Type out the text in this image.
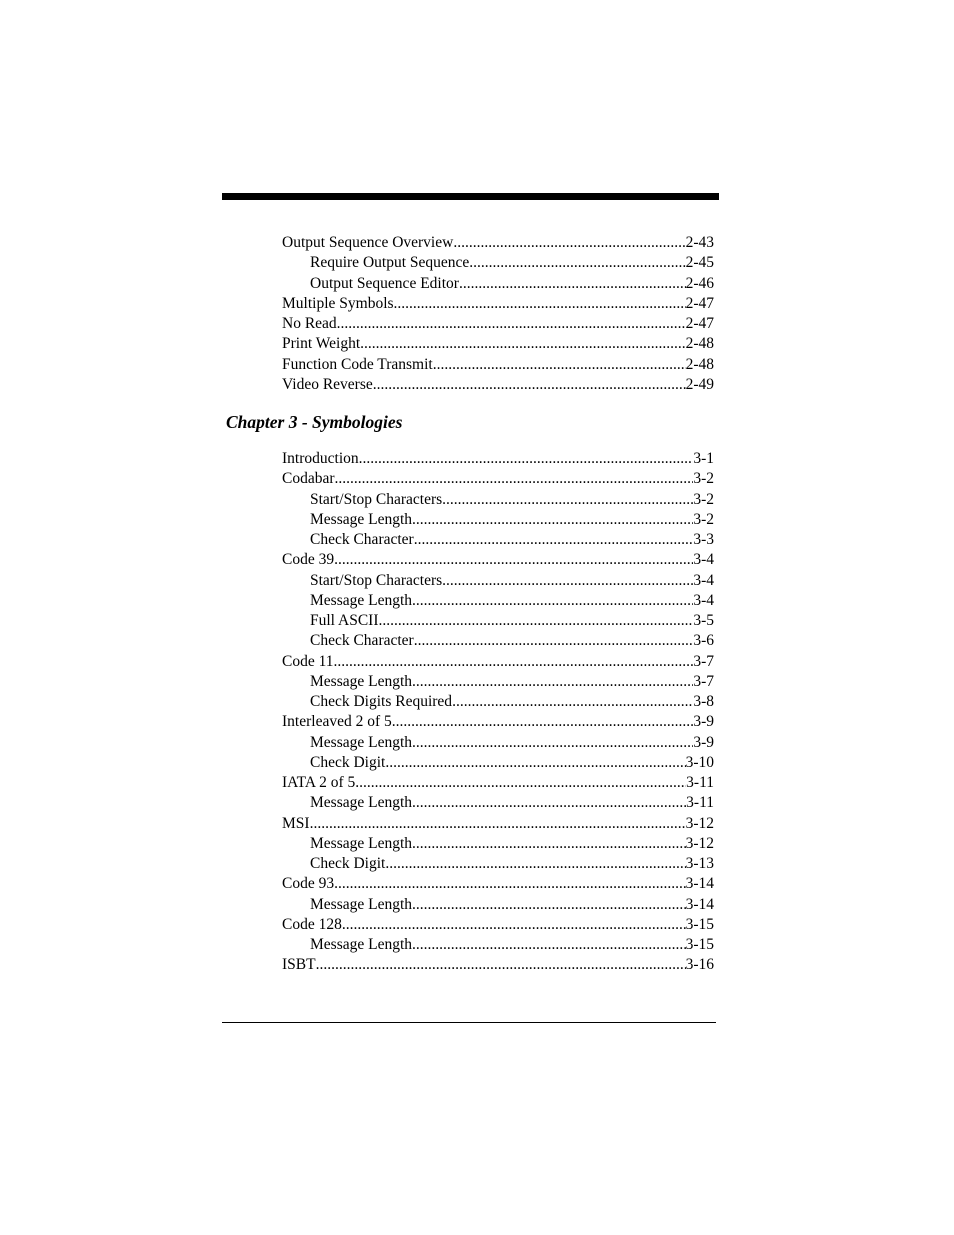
Output Sequence Overview .....	2-43
Require Output Sequence .....	2-45
Output Sequence Editor .....	2-46
Multiple Symbols .....	2-47
No Read .....	2-47
Print Weight .....	2-48
Function Code Transmit .....	2-48
Video Reverse .....	2-49
Chapter 3 - Symbologies
Introduction .....	3-1
Codabar .....	3-2
Start/Stop Characters .....	3-2
Message Length .....	3-2
Check Character .....	3-3
Code 39 .....	3-4
Start/Stop Characters .....	3-4
Message Length .....	3-4
Full ASCII .....	3-5
Check Character .....	3-6
Code 11 .....	3-7
Message Length .....	3-7
Check Digits Required .....	3-8
Interleaved 2 of 5 .....	3-9
Message Length .....	3-9
Check Digit .....	3-10
IATA 2 of 5 .....	3-11
Message Length .....	3-11
MSI .....	3-12
Message Length .....	3-12
Check Digit .....	3-13
Code 93 .....	3-14
Message Length .....	3-14
Code 128 .....	3-15
Message Length .....	3-15
ISBT .....	3-16
